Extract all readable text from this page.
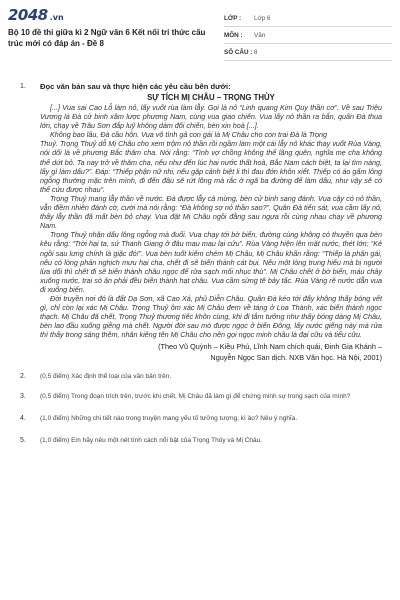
2048 .vn
Bộ 10 đề thi giữa kì 2 Ngữ văn 6 Kết nối tri thức cấu trúc mới có đáp án - Đề 8
LỚP :	Lớp 6
MÔN :	Văn
SỐ CÂU : 8
1. Đọc văn bản sau và thực hiện các yêu cầu bên dưới:
SỰ TÍCH MỊ CHÂU – TRỌNG THỦY

[...] Vua sai Cao Lỗ làm nỏ, lấy vuốt rùa làm lẫy. Gọi là nỏ “Linh quang Kim Quy thần cơ”. Về sau Triệu Vương là Đà cử binh xâm lược phương Nam, cùng vua giao chiến. Vua lấy nỏ thần ra bắn, quân Đà thua lớn, chạy về Trâu Sơn đắp luỹ không dám đối chiến, bèn xin hoà [...].

Không bao lâu, Đà cầu hôn. Vua vô tình gả con gái là Mị Châu cho con trai Đà là Trọng

Thuỷ. Trọng Thuỷ dỗ Mị Châu cho xem trộm nỏ thần rồi ngầm làm một cái lẫy nỏ khác thay vuốt Rùa Vàng, nói dối là về phương Bắc thăm cha. Nói rằng: “Tình vợ chồng không thể lãng quên, nghĩa mẹ cha không thể dứt bỏ. Ta nay trở về thăm cha, nếu như đến lúc hai nước thất hoà, Bắc Nam cách biệt, ta lại tìm nàng, lấy gì làm dấu?”. Đáp: “Thiếp phận nữ nhi, nếu gặp cảnh biệt li thì đau đớn khôn xiết. Thiếp có áo gấm lông ngỗng thường mặc trên mình, đi đến đâu sẽ rứt lông mà rắc ở ngã ba đường để làm dấu, như vậy sẽ có thể cứu được nhau”.

Trọng Thuỷ mang lẫy thần về nước. Đà được lẫy cả mừng, bèn cử binh sang đánh. Vua cậy có nỏ thần, vẫn điềm nhiên đánh cờ, cười mà nói rằng: “Đà không sợ nỏ thần sao?”. Quân Đà tiến sát, vua cầm lấy nỏ, thấy lẫy thần đã mất bèn bỏ chạy. Vua đặt Mị Châu ngồi đằng sau ngựa rồi cùng nhau chạy về phương Nam.

Trọng Thuỷ nhận dấu lông ngỗng mà đuổi. Vua chạy tới bờ biển, đường cùng không có thuyền qua bèn kêu rằng: “Trời hại ta, sứ Thanh Giang ở đâu mau mau lại cứu”. Rùa Vàng hiện lên mặt nước, thét lớn: “Kẻ ngồi sau lưng chính là giặc đó!”. Vua bèn tuốt kiếm chém Mị Châu, Mị Châu khấn rằng: “Thiếp là phận gái, nếu có lòng phản nghịch mưu hại cha, chết đi sẽ biến thành cát bụi. Nếu một lòng trung hiếu mà bị người lừa dối thì chết đi sẽ biến thành châu ngọc để rửa sạch mối nhục thù”. Mị Châu chết ở bờ biển, máu chảy xuống nước, trai sò ăn phải đều biến thành hạt châu. Vua cầm sừng tê bảy tấc. Rùa Vàng rẽ nước dẫn vua đi xuống biển.

Đời truyền nơi đó là đất Dạ Sơn, xã Cao Xá, phủ Diễn Châu. Quân Đà kéo tới đấy không thấy bóng vết gì, chỉ còn lại xác Mị Châu. Trọng Thuỷ ôm xác Mị Châu đem về táng ở Loa Thành, xác biến thành ngọc thạch. Mị Châu đã chết, Trọng Thuỷ thương tiếc khôn cùng, khi đi tắm tưởng như thấy bóng dáng Mị Châu, bèn lao đầu xuống giếng mà chết. Người đời sau mò được ngọc ở biển Đông, lấy nước giếng này mà rửa thì thấy trong sáng thêm, nhân kiêng tên Mị Châu cho nên gọi ngọc minh châu là đại cữu và tiểu cữu.

(Theo Vũ Quỳnh – Kiều Phú, Lĩnh Nam chích quái, Đinh Gia Khánh –
Nguyễn Ngọc San dịch. NXB Văn học. Hà Nội, 2001)
2. (0,5 điểm) Xác định thể loại của văn bản trên.
3. (0,5 điểm) Trong đoạn trích trên, trước khi chết, Mị Châu đã làm gì để chứng minh sự trong sạch của mình?
4. (1,0 điểm) Những chi tiết nào trong truyện mang yếu tố tưởng tượng, kì ảo? Nêu ý nghĩa.
5. (1,0 điểm) Em hãy nêu một nét tính cách nổi bật của Trọng Thủy và Mị Châu.
